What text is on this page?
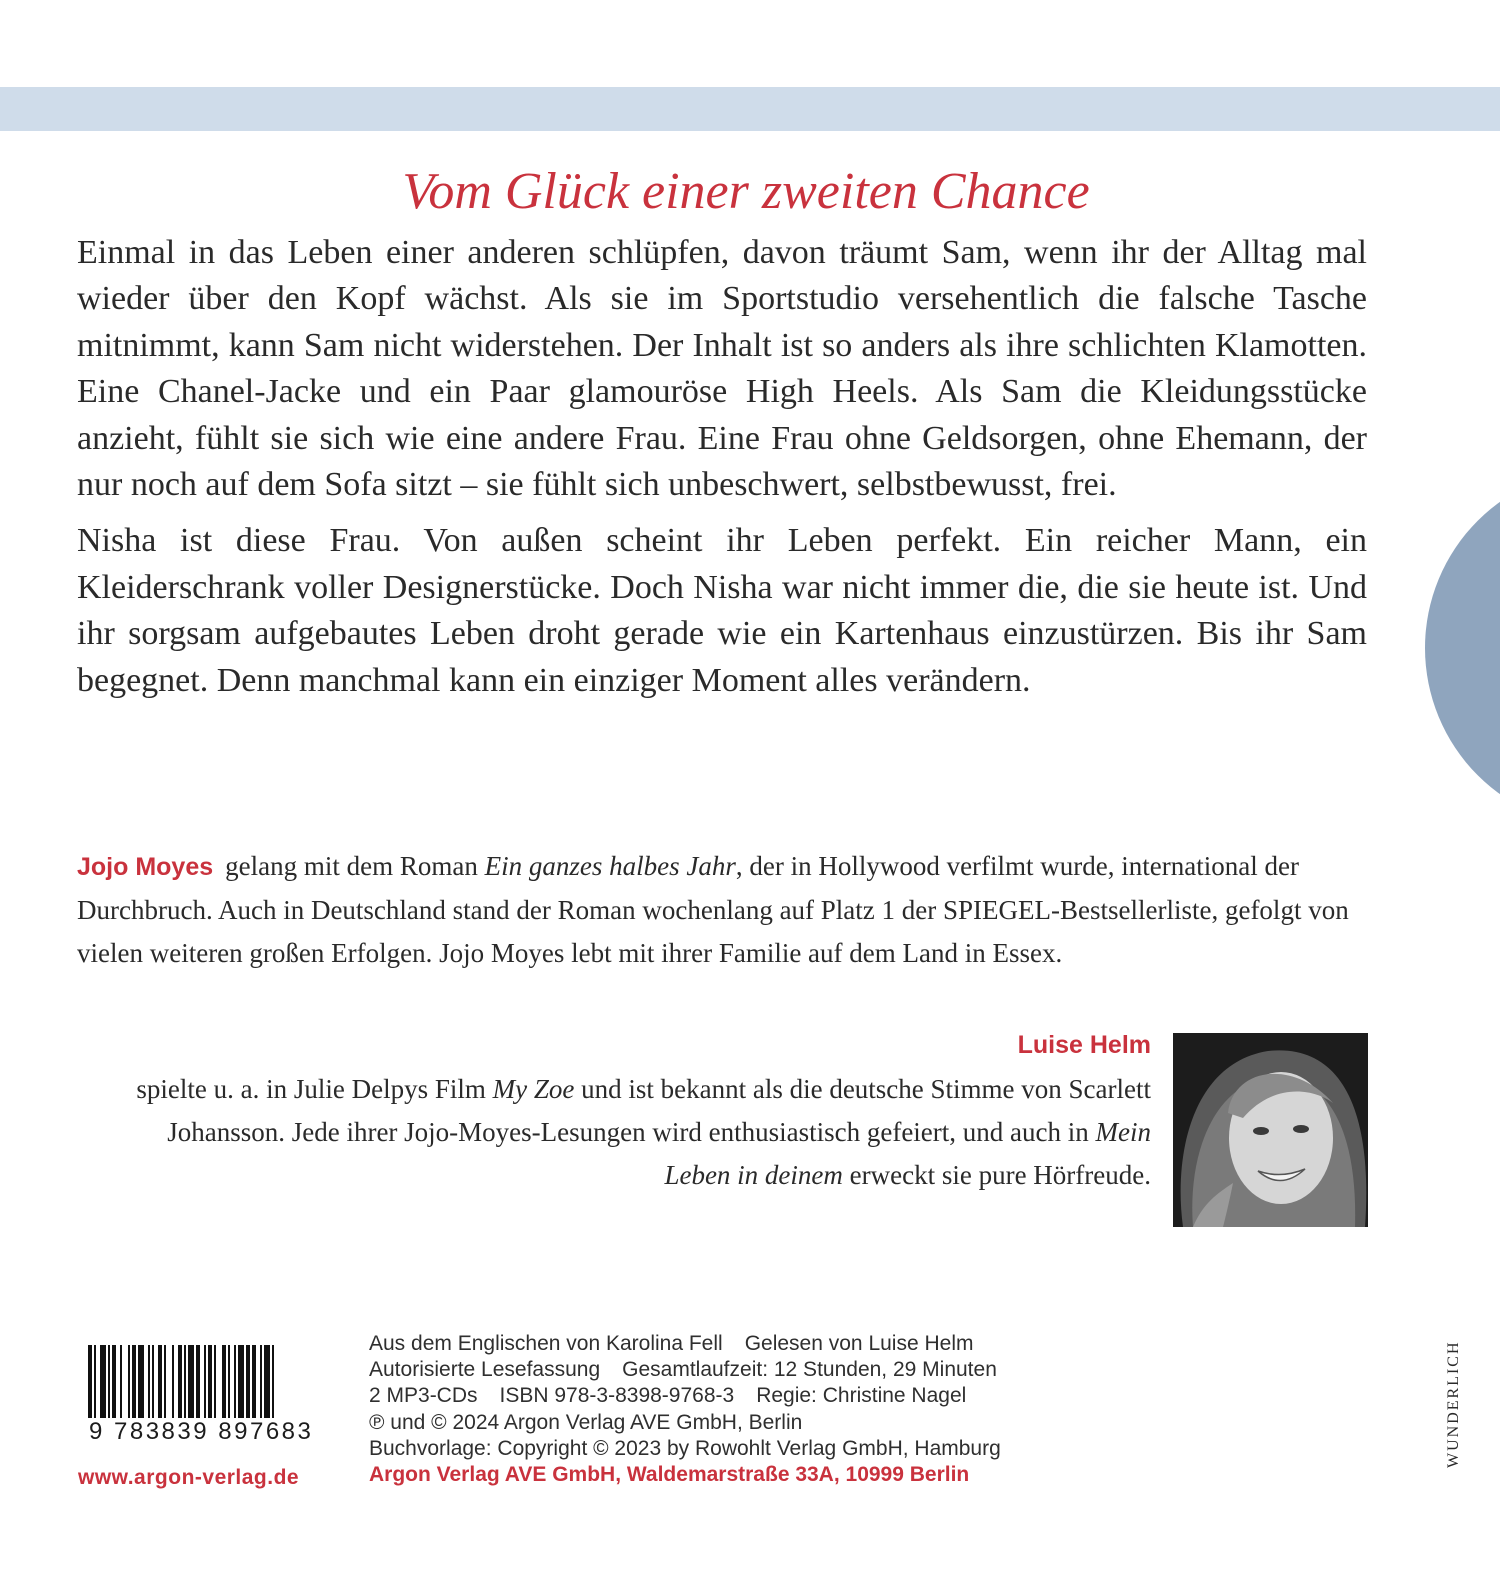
Vom Glück einer zweiten Chance

Einmal in das Leben einer anderen schlüpfen, davon träumt Sam, wenn ihr der Alltag mal wieder über den Kopf wächst. Als sie im Sportstudio versehentlich die falsche Tasche mitnimmt, kann Sam nicht widerstehen. Der Inhalt ist so anders als ihre schlichten Klamotten. Eine Chanel-Jacke und ein Paar glamouröse High Heels. Als Sam die Kleidungsstücke anzieht, fühlt sie sich wie eine andere Frau. Eine Frau ohne Geldsorgen, ohne Ehemann, der nur noch auf dem Sofa sitzt – sie fühlt sich unbeschwert, selbstbewusst, frei.

Nisha ist diese Frau. Von außen scheint ihr Leben perfekt. Ein reicher Mann, ein Kleiderschrank voller Designerstücke. Doch Nisha war nicht immer die, die sie heute ist. Und ihr sorgsam aufgebautes Leben droht gerade wie ein Kartenhaus einzustürzen. Bis ihr Sam begegnet. Denn manchmal kann ein einziger Moment alles verändern.

Jojo Moyes gelang mit dem Roman Ein ganzes halbes Jahr, der in Hollywood verfilmt wurde, international der Durchbruch. Auch in Deutschland stand der Roman wochenlang auf Platz 1 der SPIEGEL-Bestsellerliste, gefolgt von vielen weiteren großen Erfolgen. Jojo Moyes lebt mit ihrer Familie auf dem Land in Essex.

Luise Helm

spielte u. a. in Julie Delpys Film My Zoe und ist bekannt als die deutsche Stimme von Scarlett Johansson. Jede ihrer Jojo-Moyes-Lesungen wird enthusiastisch gefeiert, und auch in Mein Leben in deinem erweckt sie pure Hörfreude.

9 783839 897683
www.argon-verlag.de
Aus dem Englischen von Karolina Fell Gelesen von Luise Helm
Autorisierte Lesefassung Gesamtlaufzeit: 12 Stunden, 29 Minuten
2 MP3-CDs ISBN 978-3-8398-9768-3 Regie: Christine Nagel
℗ und © 2024 Argon Verlag AVE GmbH, Berlin
Buchvorlage: Copyright © 2023 by Rowohlt Verlag GmbH, Hamburg
Argon Verlag AVE GmbH, Waldemarstraße 33A, 10999 Berlin
WUNDERLICH
